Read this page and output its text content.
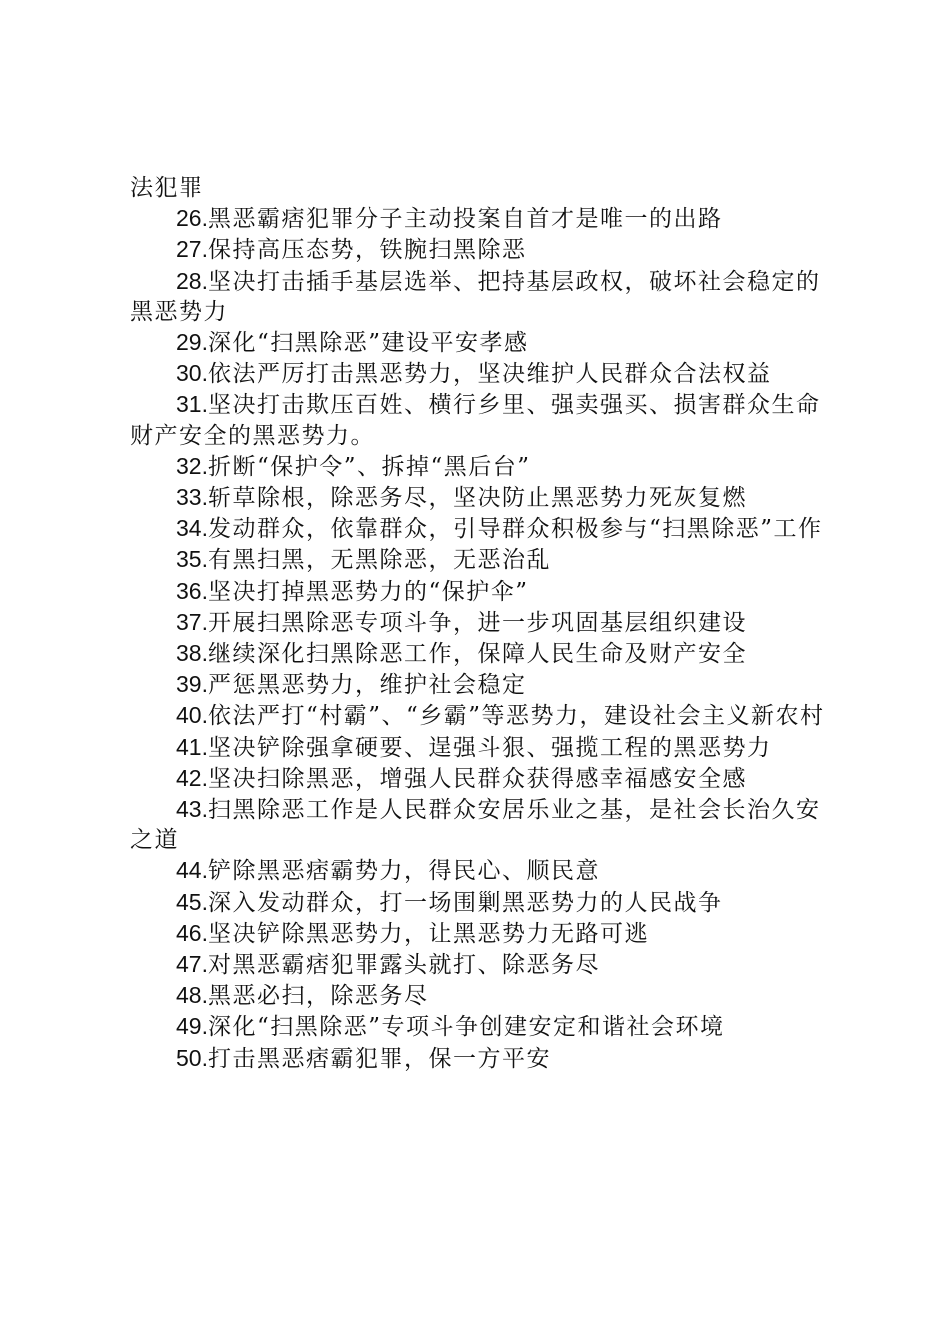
法犯罪

26.黑恶霸痞犯罪分子主动投案自首才是唯一的出路

27.保持高压态势，铁腕扫黑除恶

28.坚决打击插手基层选举、把持基层政权，破坏社会稳定的黑恶势力

29.深化“扫黑除恶”建设平安孝感

30.依法严厉打击黑恶势力，坚决维护人民群众合法权益

31.坚决打击欺压百姓、横行乡里、强卖强买、损害群众生命财产安全的黑恶势力。

32.折断“保护令”、拆掉“黑后台”

33.斩草除根，除恶务尽，坚决防止黑恶势力死灰复燃

34.发动群众，依靠群众，引导群众积极参与“扫黑除恶”工作

35.有黑扫黑，无黑除恶，无恶治乱

36.坚决打掉黑恶势力的“保护伞”

37.开展扫黑除恶专项斗争，进一步巩固基层组织建设

38.继续深化扫黑除恶工作，保障人民生命及财产安全

39.严惩黑恶势力，维护社会稳定

40.依法严打“村霸”、“乡霸”等恶势力，建设社会主义新农村

41.坚决铲除强拿硬要、逞强斗狠、强揽工程的黑恶势力

42.坚决扫除黑恶，增强人民群众获得感幸福感安全感

43.扫黑除恶工作是人民群众安居乐业之基，是社会长治久安之道

44.铲除黑恶痞霸势力，得民心、顺民意

45.深入发动群众，打一场围剿黑恶势力的人民战争

46.坚决铲除黑恶势力，让黑恶势力无路可逃

47.对黑恶霸痞犯罪露头就打、除恶务尽

48.黑恶必扫，除恶务尽

49.深化“扫黑除恶”专项斗争创建安定和谐社会环境

50.打击黑恶痞霸犯罪，保一方平安
